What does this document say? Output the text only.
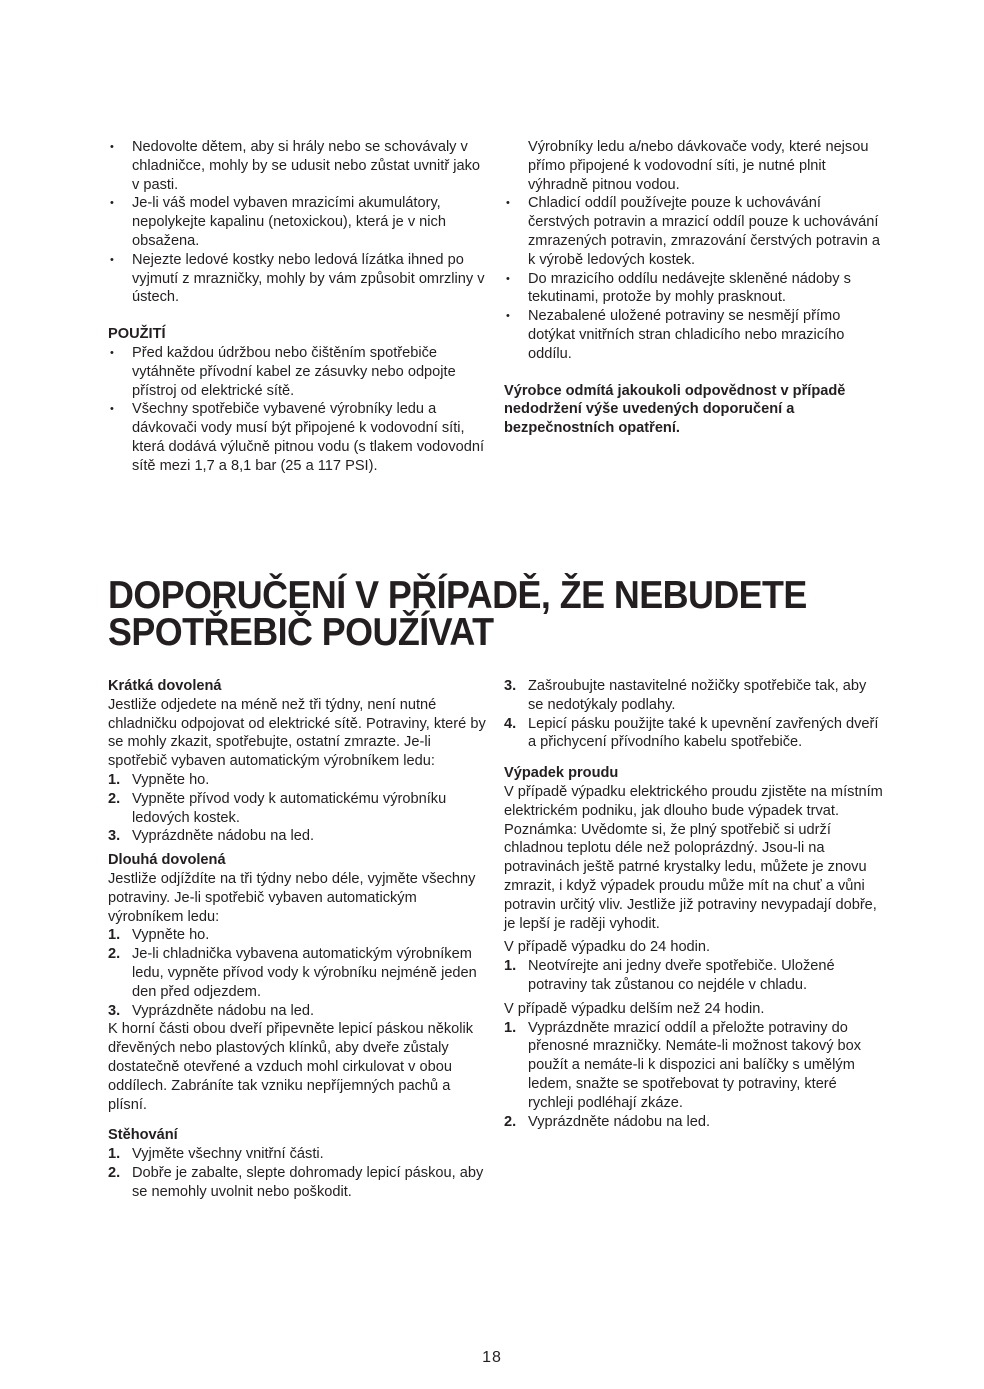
• Nedovolte dětem, aby si hrály nebo se schovávaly v chladničce, mohly by se udusit nebo zůstat uvnitř jako v pasti.

• Je-li váš model vybaven mrazicími akumulátory, nepolykejte kapalinu (netoxickou), která je v nich obsažena.

• Nejezte ledové kostky nebo ledová lízátka ihned po vyjmutí z mrazničky, mohly by vám způsobit omrzliny v ústech.

POUŽITÍ

• Před každou údržbou nebo čištěním spotřebiče vytáhněte přívodní kabel ze zásuvky nebo odpojte přístroj od elektrické sítě.

• Všechny spotřebiče vybavené výrobníky ledu a dávkovači vody musí být připojené k vodovodní síti, která dodává výlučně pitnou vodu (s tlakem vodovodní sítě mezi 1,7 a 8,1 bar (25 a 117 PSI).

Výrobníky ledu a/nebo dávkovače vody, které nejsou přímo připojené k vodovodní síti, je nutné plnit výhradně pitnou vodou.

• Chladicí oddíl používejte pouze k uchovávání čerstvých potravin a mrazicí oddíl pouze k uchovávání zmrazených potravin, zmrazování čerstvých potravin a k výrobě ledových kostek.

• Do mrazicího oddílu nedávejte skleněné nádoby s tekutinami, protože by mohly prasknout.

• Nezabalené uložené potraviny se nesmějí přímo dotýkat vnitřních stran chladicího nebo mrazicího oddílu.

Výrobce odmítá jakoukoli odpovědnost v případě nedodržení výše uvedených doporučení a bezpečnostních opatření.

DOPORUČENÍ V PŘÍPADĚ, ŽE NEBUDETE
SPOTŘEBIČ POUŽÍVAT

Krátká dovolená

Jestliže odjedete na méně než tři týdny, není nutné chladničku odpojovat od elektrické sítě. Potraviny, které by se mohly zkazit, spotřebujte, ostatní zmrazte. Je-li spotřebič vybaven automatickým výrobníkem ledu:

1. Vypněte ho.

2. Vypněte přívod vody k automatickému výrobníku ledových kostek.

3. Vyprázdněte nádobu na led.

Dlouhá dovolená

Jestliže odjíždíte na tři týdny nebo déle, vyjměte všechny potraviny. Je-li spotřebič vybaven automatickým výrobníkem ledu:

1. Vypněte ho.

2. Je-li chladnička vybavena automatickým výrobníkem ledu, vypněte přívod vody k výrobníku nejméně jeden den před odjezdem.

3. Vyprázdněte nádobu na led.

K horní části obou dveří připevněte lepicí páskou několik dřevěných nebo plastových klínků, aby dveře zůstaly dostatečně otevřené a vzduch mohl cirkulovat v obou oddílech. Zabráníte tak vzniku nepříjemných pachů a plísní.

Stěhování

1. Vyjměte všechny vnitřní části.

2. Dobře je zabalte, slepte dohromady lepicí páskou, aby se nemohly uvolnit nebo poškodit.

3. Zašroubujte nastavitelné nožičky spotřebiče tak, aby se nedotýkaly podlahy.

4. Lepicí pásku použijte také k upevnění zavřených dveří a přichycení přívodního kabelu spotřebiče.

Výpadek proudu

V případě výpadku elektrického proudu zjistěte na místním elektrickém podniku, jak dlouho bude výpadek trvat. Poznámka: Uvědomte si, že plný spotřebič si udrží chladnou teplotu déle než poloprázdný. Jsou-li na potravinách ještě patrné krystalky ledu, můžete je znovu zmrazit, i když výpadek proudu může mít na chuť a vůni potravin určitý vliv. Jestliže již potraviny nevypadají dobře, je lepší je raději vyhodit.

V případě výpadku do 24 hodin.

1. Neotvírejte ani jedny dveře spotřebiče. Uložené potraviny tak zůstanou co nejdéle v chladu.

V případě výpadku delším než 24 hodin.

1. Vyprázdněte mrazicí oddíl a přeložte potraviny do přenosné mrazničky. Nemáte-li možnost takový box použít a nemáte-li k dispozici ani balíčky s umělým ledem, snažte se spotřebovat ty potraviny, které rychleji podléhají zkáze.

2. Vyprázdněte nádobu na led.

18
